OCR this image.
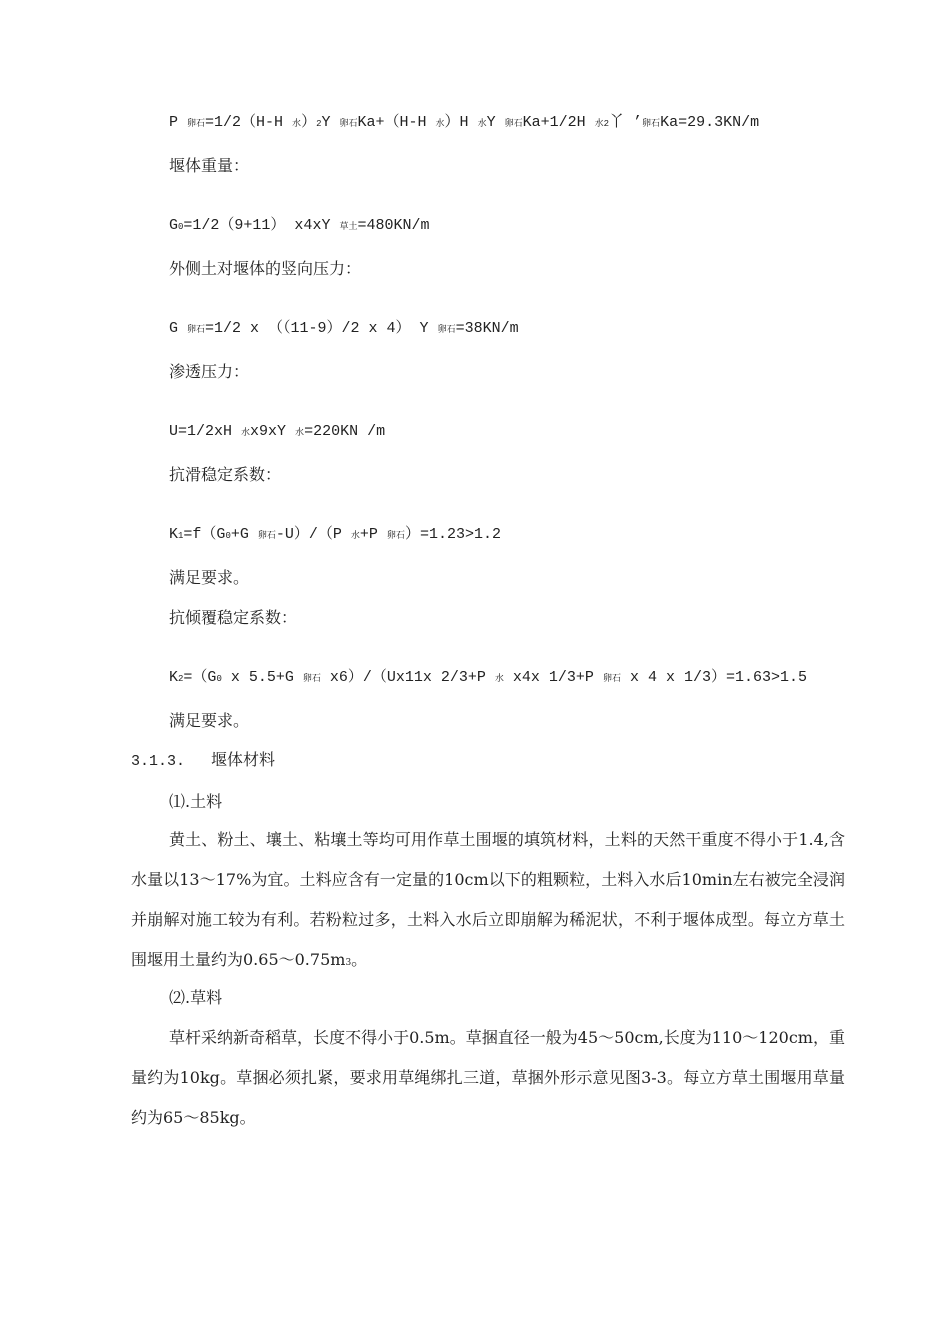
P 卵石=1/2（H-H 水）2Y 卵石Ka+（H-H 水）H 水Y 卵石Ka+1/2H 水2丫 ’卵石Ka=29.3KN/m
堰体重量：
G0=1/2（9+11） x4xY 草土=480KN/m
外侧土对堰体的竖向压力：
G 卵石=1/2 x （（11-9）/2 x 4） Y 卵石=38KN/m
渗透压力：
U=1/2xH 水x9xY 水=220KN /m
抗滑稳定系数：
K1=f（G0+G 卵石-U）/（P 水+P 卵石）=1.23>1.2
满足要求。
抗倾覆稳定系数：
K2=（G0 x 5.5+G 卵石 x6）/（Ux11x 2/3+P 水 x4x 1/3+P 卵石 x 4 x 1/3）=1.63>1.5
满足要求。
3.1.3. 堰体材料
⑴.土料
黄土、粉土、壤土、粘壤土等均可用作草土围堰的填筑材料，土料的天然干重度不得小于1.4,含水量以13〜17%为宜。土料应含有一定量的10cm以下的粗颗粒，土料入水后10min左右被完全浸润并崩解对施工较为有利。若粉粒过多，土料入水后立即崩解为稀泥状，不利于堰体成型。每立方草土围堰用土量约为0.65〜0.75m3。
⑵.草料
草杆采纳新奇稻草，长度不得小于0.5m。草捆直径一般为45〜50cm,长度为110〜120cm，重量约为10kg。草捆必须扎紧，要求用草绳绑扎三道，草捆外形示意见图3-3。每立方草土围堰用草量约为65〜85kg。
